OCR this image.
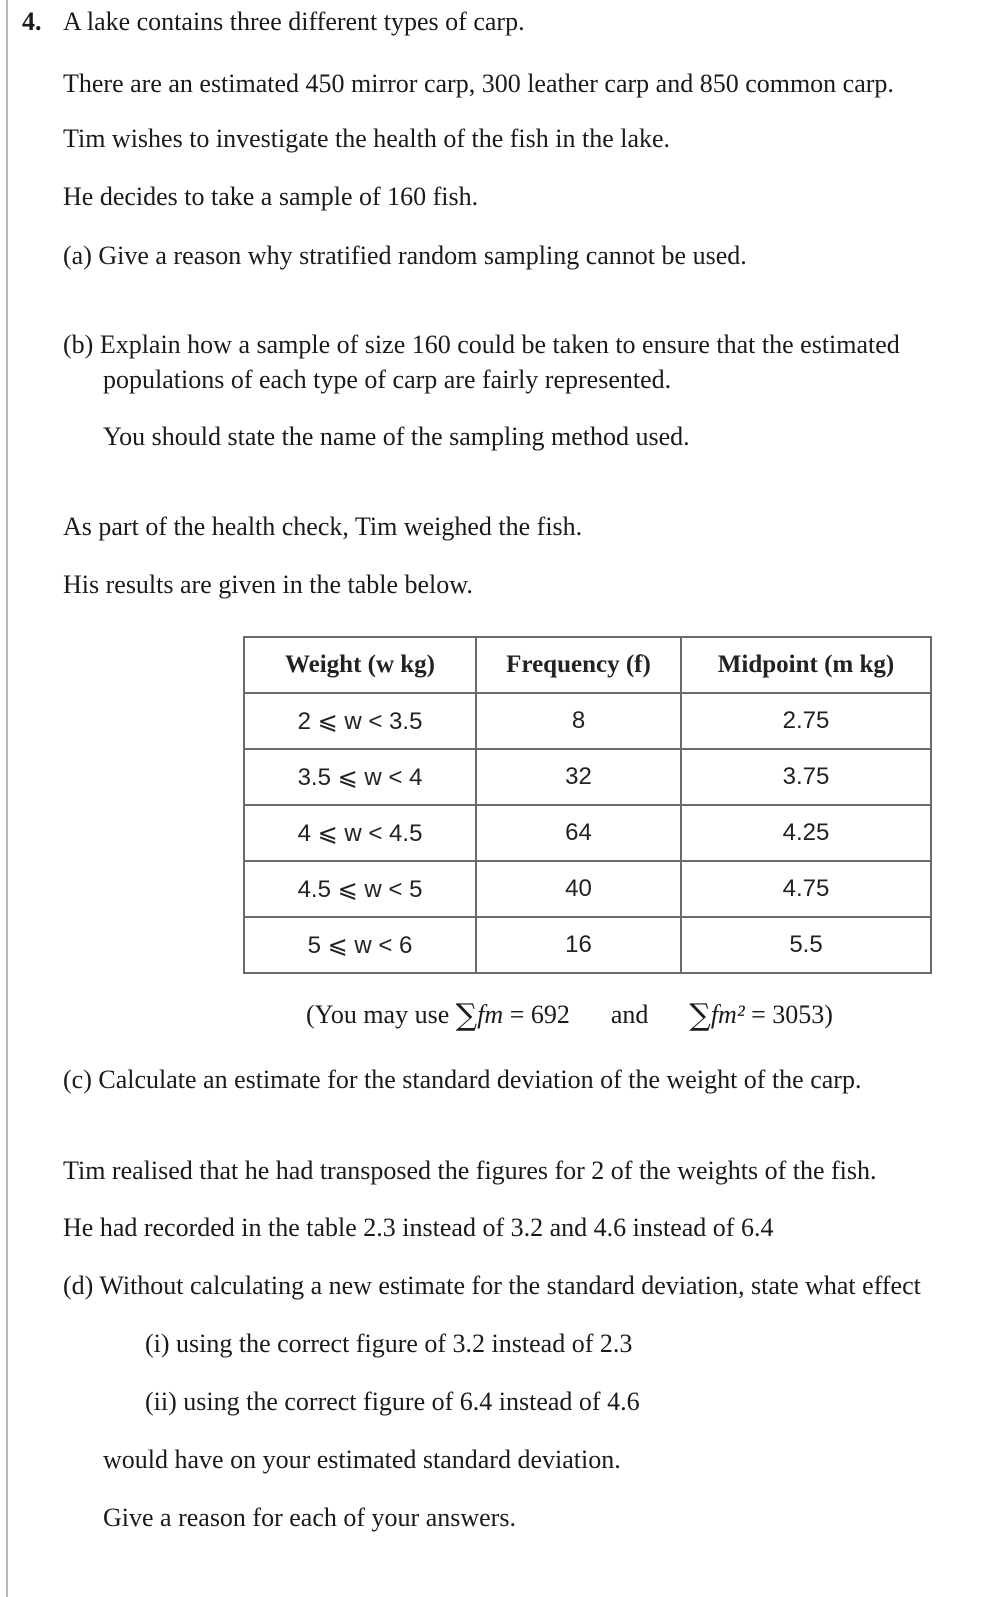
4. A lake contains three different types of carp.
There are an estimated 450 mirror carp, 300 leather carp and 850 common carp.
Tim wishes to investigate the health of the fish in the lake.
He decides to take a sample of 160 fish.
(a) Give a reason why stratified random sampling cannot be used.
(b) Explain how a sample of size 160 could be taken to ensure that the estimated
populations of each type of carp are fairly represented.
You should state the name of the sampling method used.
As part of the health check, Tim weighed the fish.
His results are given in the table below.
Weight (w kg)	Frequency (f)	Midpoint (m kg)
2 ⩽ w < 3.5	8	2.75
3.5 ⩽ w < 4	32	3.75
4 ⩽ w < 4.5	64	4.25
4.5 ⩽ w < 5	40	4.75
5 ⩽ w < 6	16	5.5
(You may use ∑fm = 692 and ∑fm² = 3053)
(c) Calculate an estimate for the standard deviation of the weight of the carp.
Tim realised that he had transposed the figures for 2 of the weights of the fish.
He had recorded in the table 2.3 instead of 3.2 and 4.6 instead of 6.4
(d) Without calculating a new estimate for the standard deviation, state what effect
(i) using the correct figure of 3.2 instead of 2.3
(ii) using the correct figure of 6.4 instead of 4.6
would have on your estimated standard deviation.
Give a reason for each of your answers.
